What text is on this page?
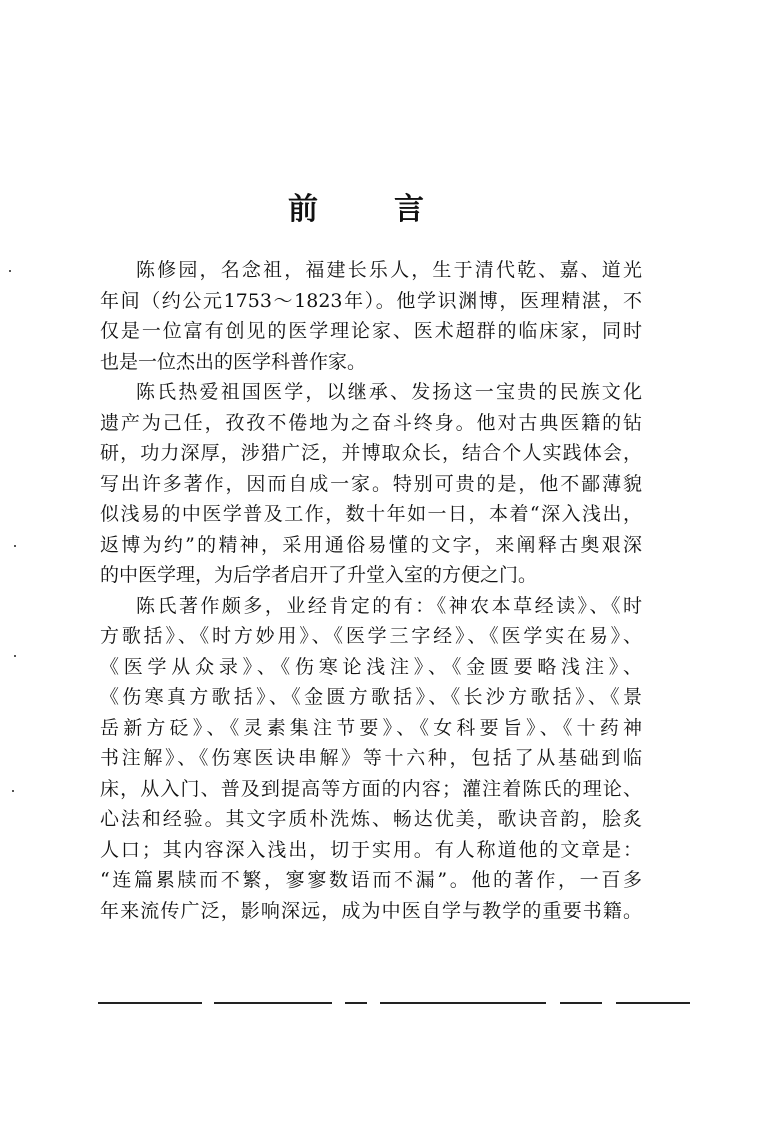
前	言
陈修园，名念祖，福建长乐人，生于清代乾、嘉、道光
年间（约公元1753～1823年）。他学识渊博，医理精湛，不
仅是一位富有创见的医学理论家、医术超群的临床家，同时
也是一位杰出的医学科普作家。
陈氏热爱祖国医学，以继承、发扬这一宝贵的民族文化
遗产为己任，孜孜不倦地为之奋斗终身。他对古典医籍的钻
研，功力深厚，涉猎广泛，并博取众长，结合个人实践体会，
写出许多著作，因而自成一家。特别可贵的是，他不鄙薄貌
似浅易的中医学普及工作，数十年如一日，本着“深入浅出，
返博为约”的精神，采用通俗易懂的文字，来阐释古奥艰深
的中医学理，为后学者启开了升堂入室的方便之门。
陈氏著作颇多，业经肯定的有：《神农本草经读》、《时
方歌括》、《时方妙用》、《医学三字经》、《医学实在易》、
《医学从众录》、《伤寒论浅注》、《金匮要略浅注》、
《伤寒真方歌括》、《金匮方歌括》、《长沙方歌括》、《景
岳新方砭》、《灵素集注节要》、《女科要旨》、《十药神
书注解》、《伤寒医诀串解》等十六种，包括了从基础到临
床，从入门、普及到提高等方面的内容；灌注着陈氏的理论、
心法和经验。其文字质朴洗炼、畅达优美，歌诀音韵，脍炙
人口；其内容深入浅出，切于实用。有人称道他的文章是：
“连篇累牍而不繁，寥寥数语而不漏”。他的著作，一百多
年来流传广泛，影响深远，成为中医自学与教学的重要书籍。
